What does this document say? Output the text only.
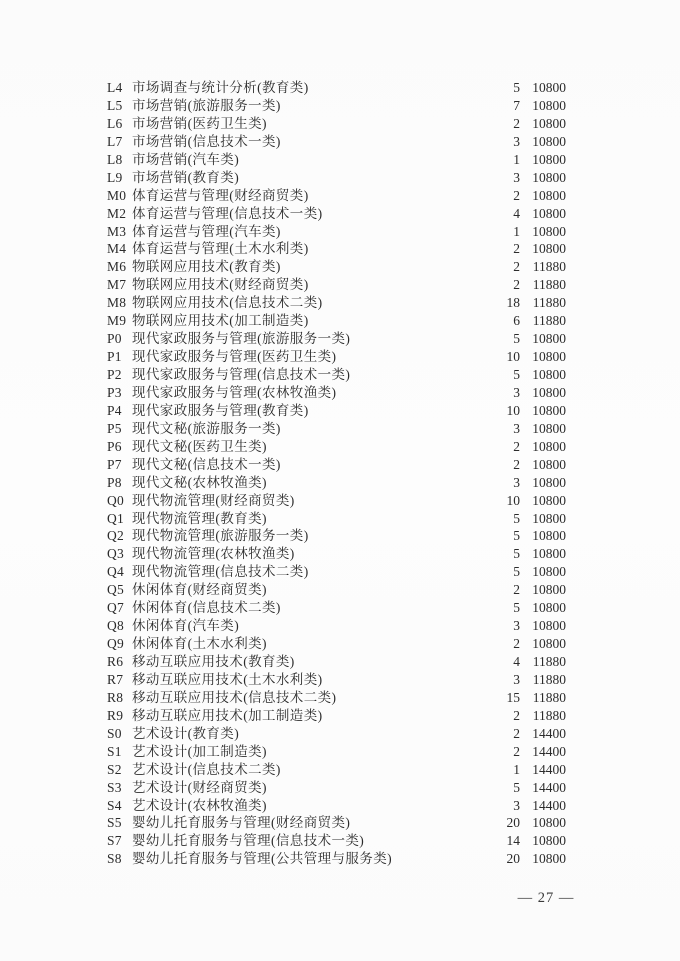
L4 市场调查与统计分析(教育类)	5 10800
L5 市场营销(旅游服务一类)	7 10800
L6 市场营销(医药卫生类)	2 10800
L7 市场营销(信息技术一类)	3 10800
L8 市场营销(汽车类)	1 10800
L9 市场营销(教育类)	3 10800
M0 体育运营与管理(财经商贸类)	2 10800
M2 体育运营与管理(信息技术一类)	4 10800
M3 体育运营与管理(汽车类)	1 10800
M4 体育运营与管理(土木水利类)	2 10800
M6 物联网应用技术(教育类)	2 11880
M7 物联网应用技术(财经商贸类)	2 11880
M8 物联网应用技术(信息技术二类)	18 11880
M9 物联网应用技术(加工制造类)	6 11880
P0 现代家政服务与管理(旅游服务一类)	5 10800
P1 现代家政服务与管理(医药卫生类)	10 10800
P2 现代家政服务与管理(信息技术一类)	5 10800
P3 现代家政服务与管理(农林牧渔类)	3 10800
P4 现代家政服务与管理(教育类)	10 10800
P5 现代文秘(旅游服务一类)	3 10800
P6 现代文秘(医药卫生类)	2 10800
P7 现代文秘(信息技术一类)	2 10800
P8 现代文秘(农林牧渔类)	3 10800
Q0 现代物流管理(财经商贸类)	10 10800
Q1 现代物流管理(教育类)	5 10800
Q2 现代物流管理(旅游服务一类)	5 10800
Q3 现代物流管理(农林牧渔类)	5 10800
Q4 现代物流管理(信息技术二类)	5 10800
Q5 休闲体育(财经商贸类)	2 10800
Q7 休闲体育(信息技术二类)	5 10800
Q8 休闲体育(汽车类)	3 10800
Q9 休闲体育(土木水利类)	2 10800
R6 移动互联应用技术(教育类)	4 11880
R7 移动互联应用技术(土木水利类)	3 11880
R8 移动互联应用技术(信息技术二类)	15 11880
R9 移动互联应用技术(加工制造类)	2 11880
S0 艺术设计(教育类)	2 14400
S1 艺术设计(加工制造类)	2 14400
S2 艺术设计(信息技术二类)	1 14400
S3 艺术设计(财经商贸类)	5 14400
S4 艺术设计(农林牧渔类)	3 14400
S5 婴幼儿托育服务与管理(财经商贸类)	20 10800
S7 婴幼儿托育服务与管理(信息技术一类)	14 10800
S8 婴幼儿托育服务与管理(公共管理与服务类)	20 10800
— 27 —
